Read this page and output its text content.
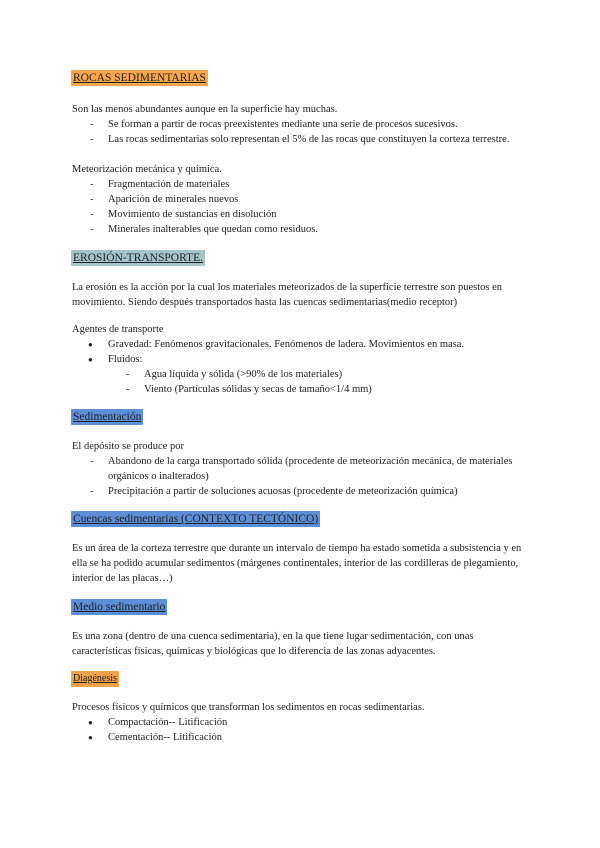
ROCAS SEDIMENTARIAS

Son las menos abundantes aunque en la superficie hay muchas.

- Se forman a partir de rocas preexistentes mediante una serie de procesos sucesivos.
- Las rocas sedimentarias solo representan el 5% de las rocas que constituyen la corteza terrestre.

Meteorización mecánica y química.

- Fragmentación de materiales
- Aparición de minerales nuevos
- Movimiento de sustancias en disolución
- Minerales inalterables que quedan como residuos.
EROSIÓN-TRANSPORTE.

La erosión es la acción por la cual los materiales meteorizados de la superficie terrestre son puestos en movimiento. Siendo después transportados hasta las cuencas sedimentarias(medio receptor)

Agentes de transporte

● Gravedad: Fenómenos gravitacionales. Fenómenos de ladera. Movimientos en masa.
● Fluidos:
- Agua líquida y sólida (>90% de los materiales)
- Viento (Partículas sólidas y secas de tamaño<1/4 mm)
Sedimentación

El depósito se produce por

- Abandono de la carga transportado sólida (procedente de meteorización mecánica, de materiales orgánicos o inalterados)
- Precipitación a partir de soluciones acuosas (procedente de meteorización química)
Cuencas sedimentarias (CONTEXTO TECTÓNICO)

Es un área de la corteza terrestre que durante un intervalo de tiempo ha estado sometida a subsistencia y en ella se ha podido acumular sedimentos (márgenes continentales, interior de las cordilleras de plegamiento, interior de las placas…)

Medio sedimentario

Es una zona (dentro de una cuenca sedimentaria), en la que tiene lugar sedimentación, con unas características físicas, químicas y biológicas que lo diferencia de las zonas adyacentes.

Diagénesis

Procesos físicos y químicos que transforman los sedimentos en rocas sedimentarias.

● Compactación-- Litificación
● Cementación-- Litificación
